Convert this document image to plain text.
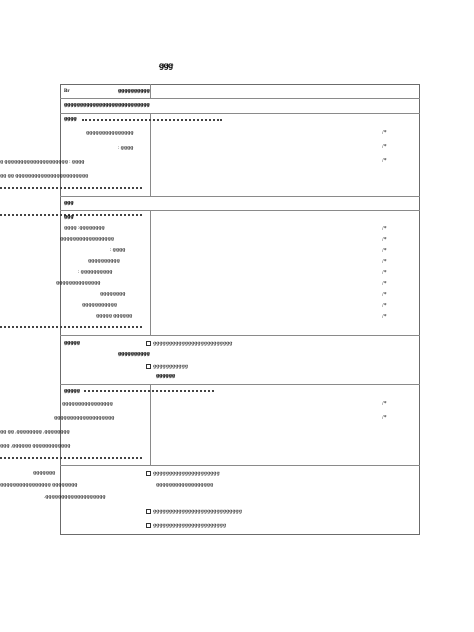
ꞡꞡꞡ
Br	ꞡꞡꞡꞡꞡꞡꞡꞡꞡꞡ
ꞡꞡꞡꞡꞡꞡꞡꞡꞡꞡꞡꞡꞡꞡꞡꞡꞡꞡꞡꞡꞡꞡꞡꞡꞡꞡꞡ
ꞡꞡꞡꞡ
ꞡꞡꞡꞡꞡꞡꞡꞡꞡꞡꞡꞡꞡꞡꞡ
: ꞡꞡꞡꞡ
ꞡ ꞡꞡꞡꞡꞡꞡꞡꞡꞡꞡꞡꞡꞡꞡꞡꞡꞡꞡꞡꞡ : ꞡꞡꞡꞡ
ꞡꞡ ꞡꞡ ꞡꞡꞡꞡꞡꞡꞡꞡꞡꞡꞡꞡꞡꞡꞡꞡꞡꞡꞡꞡꞡꞡꞡ
/*
/*
/*
ꞡꞡꞡ
ꞡꞡꞡ
ꞡꞡꞡꞡ :ꞡꞡꞡꞡꞡꞡꞡꞡ
ꞡꞡꞡꞡꞡꞡꞡꞡꞡꞡꞡꞡꞡꞡꞡꞡꞡ
: ꞡꞡꞡꞡ
ꞡꞡꞡꞡꞡꞡꞡꞡꞡꞡ
: ꞡꞡꞡꞡꞡꞡꞡꞡꞡꞡ
ꞡꞡꞡꞡꞡꞡꞡꞡꞡꞡꞡꞡꞡꞡ
ꞡꞡꞡꞡꞡꞡꞡꞡ
ꞡꞡꞡꞡꞡꞡꞡꞡꞡꞡꞡ
ꞡꞡꞡꞡꞡ ꞡꞡꞡꞡꞡꞡ
/*
/*
/*
/*
/*
/*
/*
/*
/*
ꞡꞡꞡꞡꞡ
ꞡꞡꞡꞡꞡꞡꞡꞡꞡꞡ
ꞡꞡꞡꞡꞡꞡꞡꞡꞡꞡꞡꞡꞡꞡꞡꞡꞡꞡꞡꞡꞡꞡꞡꞡꞡ
ꞡꞡꞡꞡꞡꞡꞡꞡꞡꞡꞡ
ꞡꞡꞡꞡꞡꞡ
ꞡꞡꞡꞡꞡ
ꞡꞡꞡꞡꞡꞡꞡꞡꞡꞡꞡꞡꞡꞡꞡꞡ
ꞡꞡꞡꞡꞡꞡꞡꞡꞡꞡꞡꞡꞡꞡꞡꞡꞡꞡꞡ
ꞡꞡ ꞡꞡ ,ꞡꞡꞡꞡꞡꞡꞡꞡ ,ꞡꞡꞡꞡꞡꞡꞡꞡ
ꞡꞡꞡ ,ꞡꞡꞡꞡꞡꞡ ꞡꞡꞡꞡꞡꞡꞡꞡꞡꞡꞡꞡ
/*
/*
ꞡꞡꞡꞡꞡꞡꞡ
ꞡꞡꞡꞡꞡꞡꞡꞡꞡꞡꞡꞡꞡꞡꞡꞡ ꞡꞡꞡꞡꞡꞡꞡꞡ
.ꞡꞡꞡꞡꞡꞡꞡꞡꞡꞡꞡꞡꞡꞡꞡꞡꞡꞡꞡ
ꞡꞡꞡꞡꞡꞡꞡꞡꞡꞡꞡꞡꞡꞡꞡꞡꞡꞡꞡꞡꞡ
ꞡꞡꞡꞡꞡꞡꞡꞡꞡꞡꞡꞡꞡꞡꞡꞡꞡꞡ
ꞡꞡꞡꞡꞡꞡꞡꞡꞡꞡꞡꞡꞡꞡꞡꞡꞡꞡꞡꞡꞡꞡꞡꞡꞡꞡꞡꞡ
ꞡꞡꞡꞡꞡꞡꞡꞡꞡꞡꞡꞡꞡꞡꞡꞡꞡꞡꞡꞡꞡꞡꞡ
